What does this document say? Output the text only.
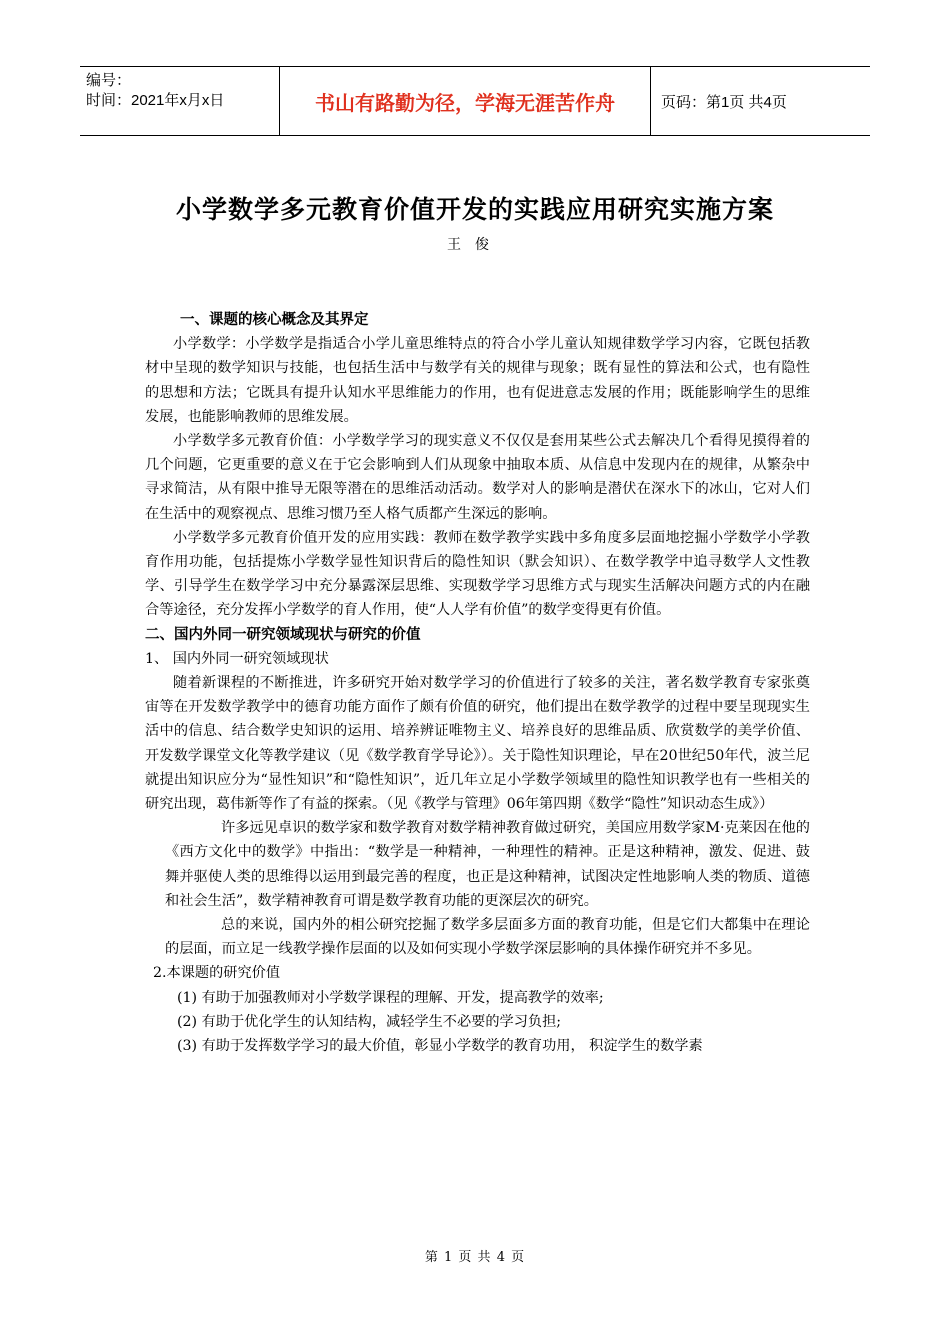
编号：
时间：2021年x月x日	书山有路勤为径，学海无涯苦作舟	页码：第1页 共4页
小学数学多元教育价值开发的实践应用研究实施方案
王俊

一、课题的核心概念及其界定

小学数学：小学数学是指适合小学儿童思维特点的符合小学儿童认知规律数学学习内容，它既包括教材中呈现的数学知识与技能，也包括生活中与数学有关的规律与现象；既有显性的算法和公式，也有隐性的思想和方法；它既具有提升认知水平思维能力的作用，也有促进意志发展的作用；既能影响学生的思维发展，也能影响教师的思维发展。

小学数学多元教育价值：小学数学学习的现实意义不仅仅是套用某些公式去解决几个看得见摸得着的几个问题，它更重要的意义在于它会影响到人们从现象中抽取本质、从信息中发现内在的规律，从繁杂中寻求简洁，从有限中推导无限等潜在的思维活动活动。数学对人的影响是潜伏在深水下的冰山，它对人们在生活中的观察视点、思维习惯乃至人格气质都产生深远的影响。

小学数学多元教育价值开发的应用实践：教师在数学教学实践中多角度多层面地挖掘小学数学小学教育作用功能，包括提炼小学数学显性知识背后的隐性知识（默会知识）、在数学教学中追寻数学人文性教学、引导学生在数学学习中充分暴露深层思维、实现数学学习思维方式与现实生活解决问题方式的内在融合等途径，充分发挥小学数学的育人作用，使“人人学有价值”的数学变得更有价值。

二、国内外同一研究领域现状与研究的价值

1、 国内外同一研究领域现状

随着新课程的不断推进，许多研究开始对数学学习的价值进行了较多的关注，著名数学教育专家张奠宙等在开发数学教学中的德育功能方面作了颇有价值的研究，他们提出在数学教学的过程中要呈现现实生活中的信息、结合数学史知识的运用、培养辨证唯物主义、培养良好的思维品质、欣赏数学的美学价值、开发数学课堂文化等教学建议（见《数学教育学导论》）。关于隐性知识理论，早在20世纪50年代，波兰尼就提出知识应分为“显性知识”和“隐性知识”，近几年立足小学数学领域里的隐性知识教学也有一些相关的研究出现，葛伟新等作了有益的探索。（见《教学与管理》06年第四期《数学“隐性”知识动态生成》）

许多远见卓识的数学家和数学教育对数学精神教育做过研究，美国应用数学家M·克莱因在他的《西方文化中的数学》中指出：“数学是一种精神，一种理性的精神。正是这种精神，激发、促进、鼓舞并驱使人类的思维得以运用到最完善的程度，也正是这种精神，试图决定性地影响人类的物质、道德和社会生活”，数学精神教育可谓是数学教育功能的更深层次的研究。

总的来说，国内外的相公研究挖掘了数学多层面多方面的教育功能，但是它们大都集中在理论的层面，而立足一线教学操作层面的以及如何实现小学数学深层影响的具体操作研究并不多见。

2.本课题的研究价值

(1) 有助于加强教师对小学数学课程的理解、开发，提高教学的效率;

(2) 有助于优化学生的认知结构，减轻学生不必要的学习负担;

(3) 有助于发挥数学学习的最大价值，彰显小学数学的教育功用， 积淀学生的数学素

第 1 页 共 4 页
